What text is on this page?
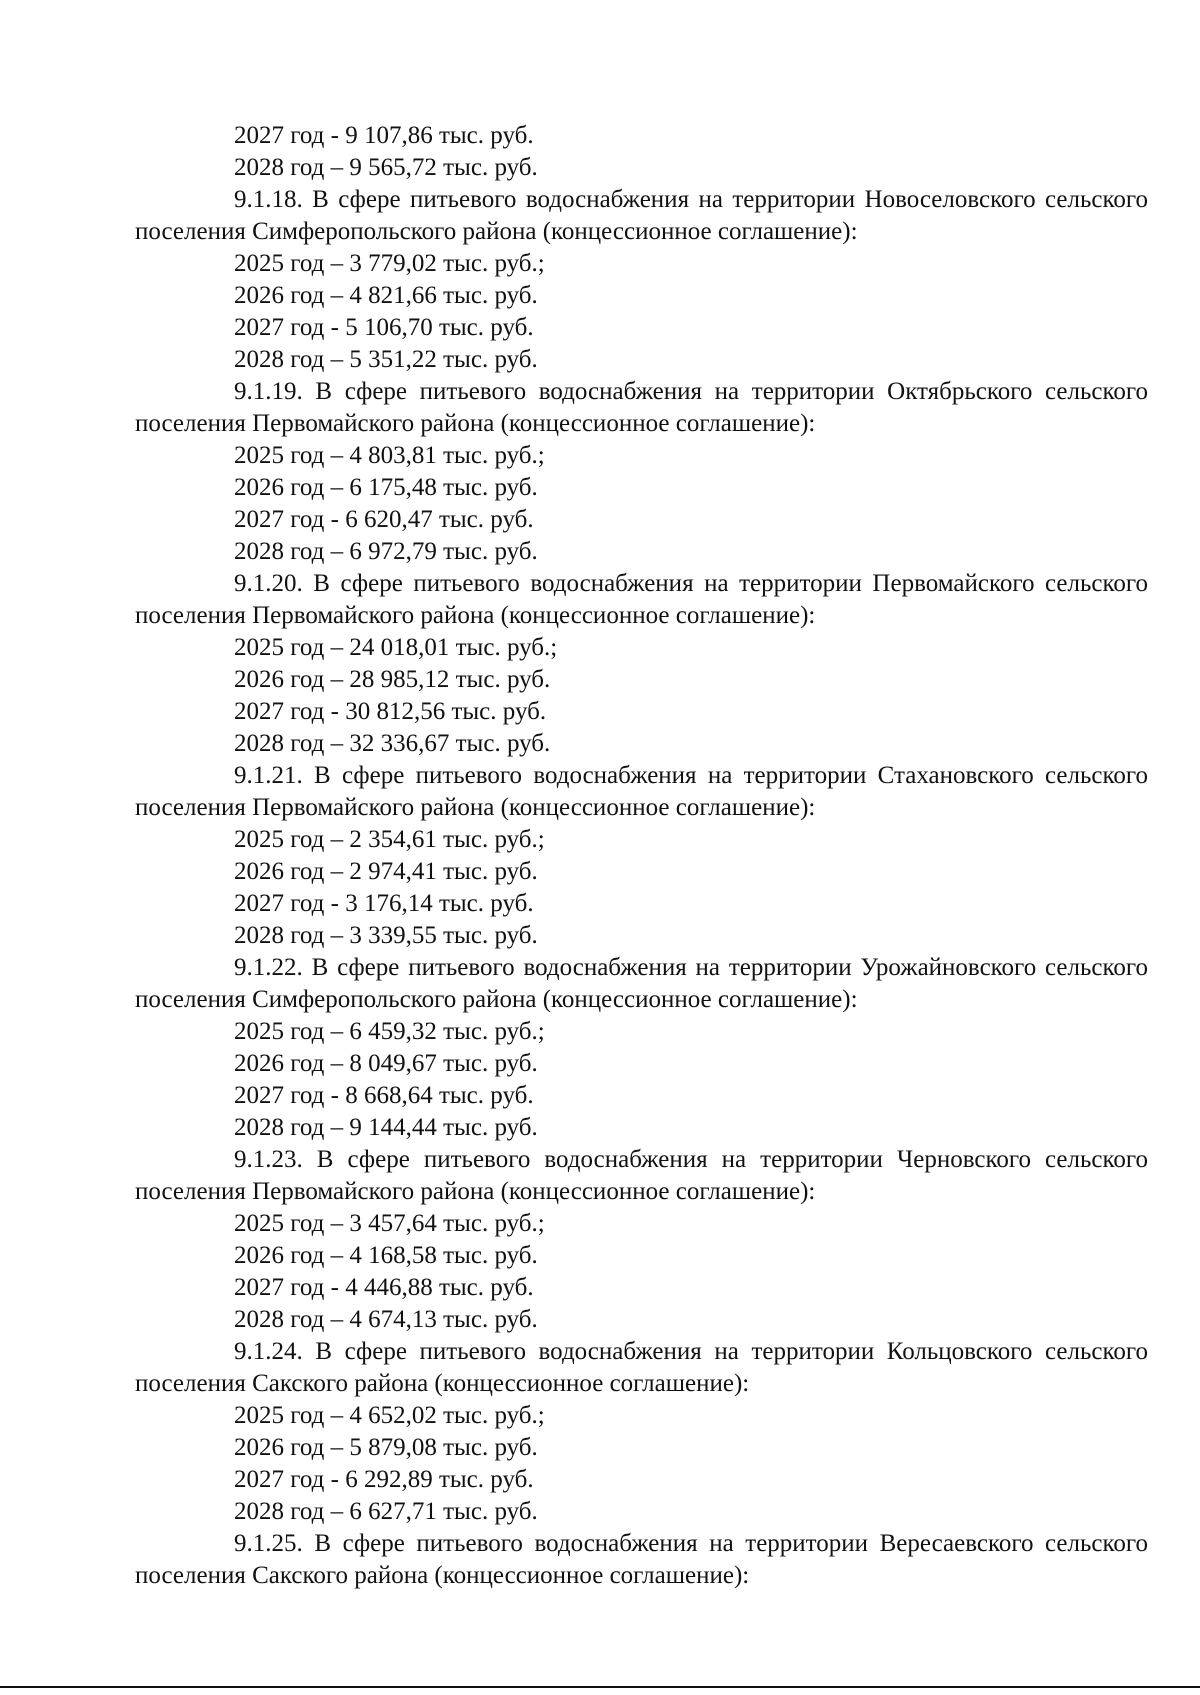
2027 год - 9 107,86 тыс. руб.
2028 год – 9 565,72 тыс. руб.
9.1.18. В сфере питьевого водоснабжения на территории Новоселовского сельского поселения Симферопольского района (концессионное соглашение):
2025 год – 3 779,02 тыс. руб.;
2026 год – 4 821,66 тыс. руб.
2027 год - 5 106,70 тыс. руб.
2028 год – 5 351,22 тыс. руб.
9.1.19. В сфере питьевого водоснабжения на территории Октябрьского сельского поселения Первомайского района (концессионное соглашение):
2025 год – 4 803,81 тыс. руб.;
2026 год – 6 175,48 тыс. руб.
2027 год - 6 620,47 тыс. руб.
2028 год – 6 972,79 тыс. руб.
9.1.20. В сфере питьевого водоснабжения на территории Первомайского сельского поселения Первомайского района (концессионное соглашение):
2025 год – 24 018,01 тыс. руб.;
2026 год – 28 985,12 тыс. руб.
2027 год - 30 812,56 тыс. руб.
2028 год – 32 336,67 тыс. руб.
9.1.21. В сфере питьевого водоснабжения на территории Стахановского сельского поселения Первомайского района (концессионное соглашение):
2025 год – 2 354,61 тыс. руб.;
2026 год – 2 974,41 тыс. руб.
2027 год - 3 176,14 тыс. руб.
2028 год – 3 339,55 тыс. руб.
9.1.22. В сфере питьевого водоснабжения на территории Урожайновского сельского поселения Симферопольского района (концессионное соглашение):
2025 год – 6 459,32 тыс. руб.;
2026 год – 8 049,67 тыс. руб.
2027 год - 8 668,64 тыс. руб.
2028 год – 9 144,44 тыс. руб.
9.1.23. В сфере питьевого водоснабжения на территории Черновского сельского поселения Первомайского района (концессионное соглашение):
2025 год – 3 457,64 тыс. руб.;
2026 год – 4 168,58 тыс. руб.
2027 год - 4 446,88 тыс. руб.
2028 год – 4 674,13 тыс. руб.
9.1.24. В сфере питьевого водоснабжения на территории Кольцовского сельского поселения Сакского района (концессионное соглашение):
2025 год – 4 652,02 тыс. руб.;
2026 год – 5 879,08 тыс. руб.
2027 год - 6 292,89 тыс. руб.
2028 год – 6 627,71 тыс. руб.
9.1.25. В сфере питьевого водоснабжения на территории Вересаевского сельского поселения Сакского района (концессионное соглашение):
